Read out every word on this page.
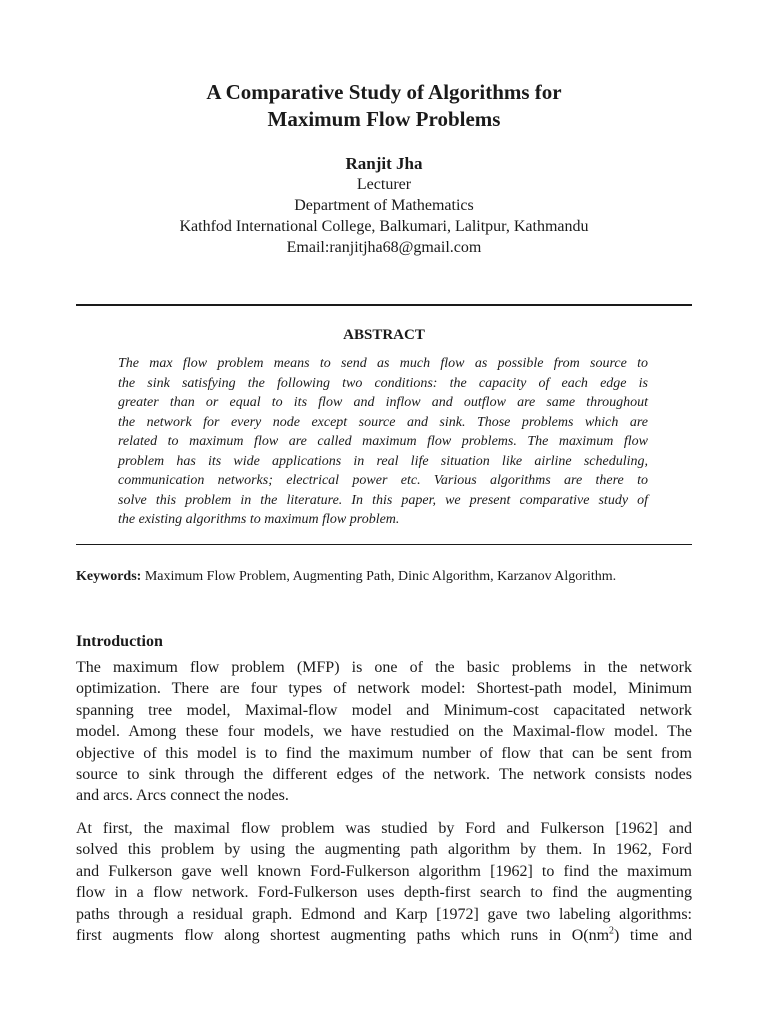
A Comparative Study of Algorithms for
Maximum Flow Problems
Ranjit Jha
Lecturer
Department of Mathematics
Kathfod International College, Balkumari, Lalitpur, Kathmandu
Email:ranjitjha68@gmail.com
ABSTRACT
The max flow problem means to send as much flow as possible from source to
the sink satisfying the following two conditions: the capacity of each edge is
greater than or equal to its flow and inflow and outflow are same throughout
the network for every node except source and sink. Those problems which are
related to maximum flow are called maximum flow problems. The maximum flow
problem has its wide applications in real life situation like airline scheduling,
communication networks; electrical power etc. Various algorithms are there to
solve this problem in the literature. In this paper, we present comparative study of
the existing algorithms to maximum flow problem.
Keywords: Maximum Flow Problem, Augmenting Path, Dinic Algorithm, Karzanov Algorithm.
Introduction
The maximum flow problem (MFP) is one of the basic problems in the network
optimization. There are four types of network model: Shortest-path model, Minimum
spanning tree model, Maximal-flow model and Minimum-cost capacitated network
model. Among these four models, we have restudied on the Maximal-flow model. The
objective of this model is to find the maximum number of flow that can be sent from
source to sink through the different edges of the network. The network consists nodes
and arcs. Arcs connect the nodes.
At first, the maximal flow problem was studied by Ford and Fulkerson [1962] and
solved this problem by using the augmenting path algorithm by them. In 1962, Ford
and Fulkerson gave well known Ford-Fulkerson algorithm [1962] to find the maximum
flow in a flow network. Ford-Fulkerson uses depth-first search to find the augmenting
paths through a residual graph. Edmond and Karp [1972] gave two labeling algorithms:
first augments flow along shortest augmenting paths which runs in $O(nm^2)$ time and
